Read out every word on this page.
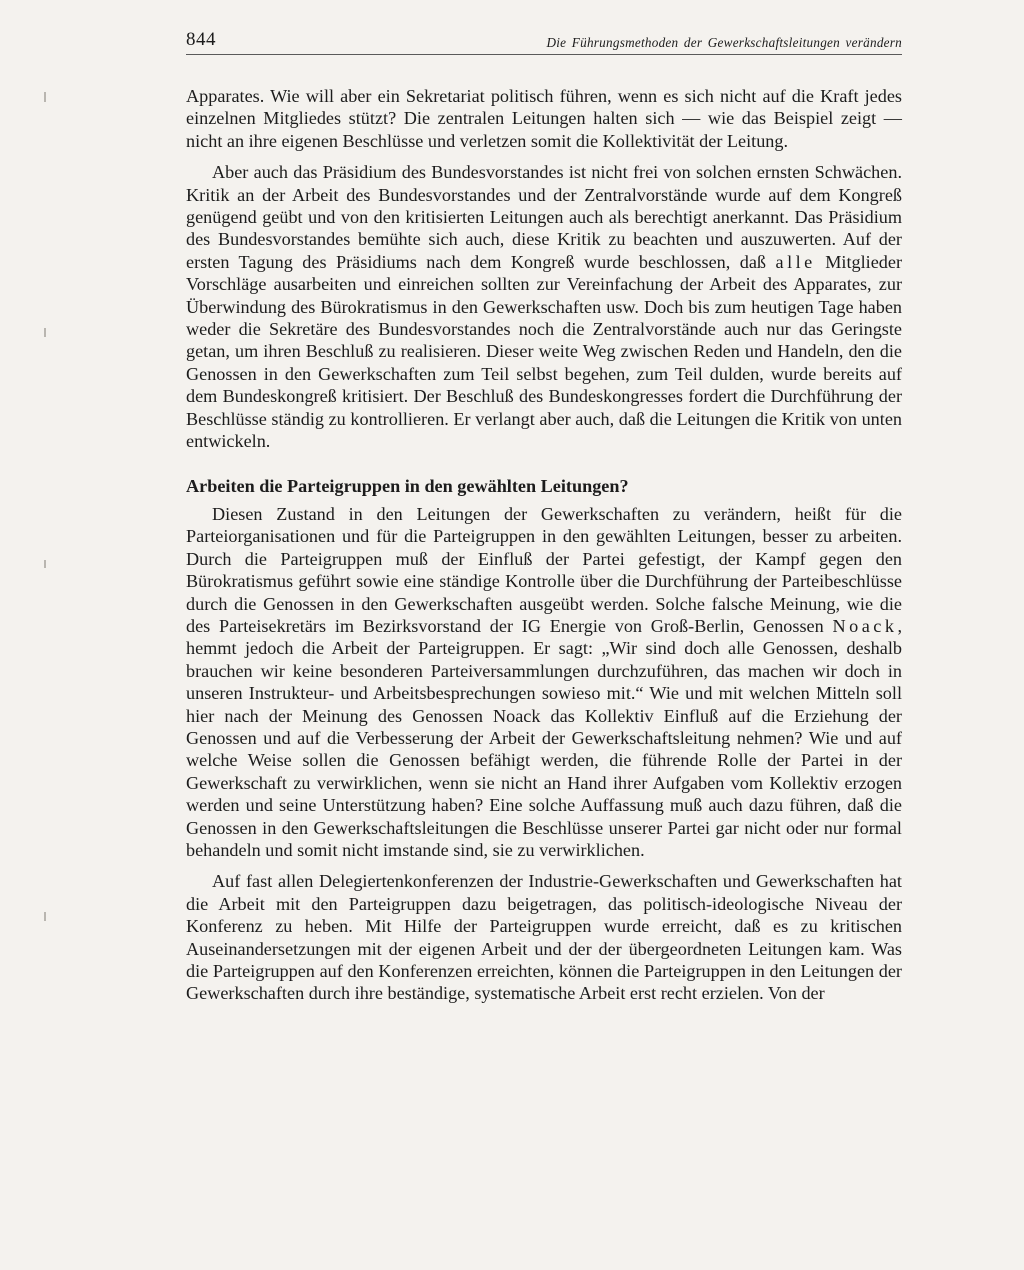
844	Die Führungsmethoden der Gewerkschaftsleitungen verändern

Apparates. Wie will aber ein Sekretariat politisch führen, wenn es sich nicht auf die Kraft jedes einzelnen Mitgliedes stützt? Die zentralen Leitungen halten sich — wie das Beispiel zeigt — nicht an ihre eigenen Beschlüsse und verletzen somit die Kollektivität der Leitung.

Aber auch das Präsidium des Bundesvorstandes ist nicht frei von solchen ernsten Schwächen. Kritik an der Arbeit des Bundesvorstandes und der Zentralvorstände wurde auf dem Kongreß genügend geübt und von den kritisierten Leitungen auch als berechtigt anerkannt. Das Präsidium des Bundesvorstandes bemühte sich auch, diese Kritik zu beachten und auszuwerten. Auf der ersten Tagung des Präsidiums nach dem Kongreß wurde beschlossen, daß alle Mitglieder Vorschläge ausarbeiten und einreichen sollten zur Vereinfachung der Arbeit des Apparates, zur Überwindung des Bürokratismus in den Gewerkschaften usw. Doch bis zum heutigen Tage haben weder die Sekretäre des Bundesvorstandes noch die Zentralvorstände auch nur das Geringste getan, um ihren Beschluß zu realisieren. Dieser weite Weg zwischen Reden und Handeln, den die Genossen in den Gewerkschaften zum Teil selbst begehen, zum Teil dulden, wurde bereits auf dem Bundeskongreß kritisiert. Der Beschluß des Bundeskongresses fordert die Durchführung der Beschlüsse ständig zu kontrollieren. Er verlangt aber auch, daß die Leitungen die Kritik von unten entwickeln.

Arbeiten die Parteigruppen in den gewählten Leitungen?

Diesen Zustand in den Leitungen der Gewerkschaften zu verändern, heißt für die Parteiorganisationen und für die Parteigruppen in den gewählten Leitungen, besser zu arbeiten. Durch die Parteigruppen muß der Einfluß der Partei gefestigt, der Kampf gegen den Bürokratismus geführt sowie eine ständige Kontrolle über die Durchführung der Parteibeschlüsse durch die Genossen in den Gewerkschaften ausgeübt werden. Solche falsche Meinung, wie die des Parteisekretärs im Bezirksvorstand der IG Energie von Groß-Berlin, Genossen Noack, hemmt jedoch die Arbeit der Parteigruppen. Er sagt: „Wir sind doch alle Genossen, deshalb brauchen wir keine besonderen Parteiversammlungen durchzuführen, das machen wir doch in unseren Instrukteur- und Arbeitsbesprechungen sowieso mit.“ Wie und mit welchen Mitteln soll hier nach der Meinung des Genossen Noack das Kollektiv Einfluß auf die Erziehung der Genossen und auf die Verbesserung der Arbeit der Gewerkschaftsleitung nehmen? Wie und auf welche Weise sollen die Genossen befähigt werden, die führende Rolle der Partei in der Gewerkschaft zu verwirklichen, wenn sie nicht an Hand ihrer Aufgaben vom Kollektiv erzogen werden und seine Unterstützung haben? Eine solche Auffassung muß auch dazu führen, daß die Genossen in den Gewerkschaftsleitungen die Beschlüsse unserer Partei gar nicht oder nur formal behandeln und somit nicht imstande sind, sie zu verwirklichen.

Auf fast allen Delegiertenkonferenzen der Industrie-Gewerkschaften und Gewerkschaften hat die Arbeit mit den Parteigruppen dazu beigetragen, das politisch-ideologische Niveau der Konferenz zu heben. Mit Hilfe der Parteigruppen wurde erreicht, daß es zu kritischen Auseinandersetzungen mit der eigenen Arbeit und der der übergeordneten Leitungen kam. Was die Parteigruppen auf den Konferenzen erreichten, können die Parteigruppen in den Leitungen der Gewerkschaften durch ihre beständige, systematische Arbeit erst recht erzielen. Von der
